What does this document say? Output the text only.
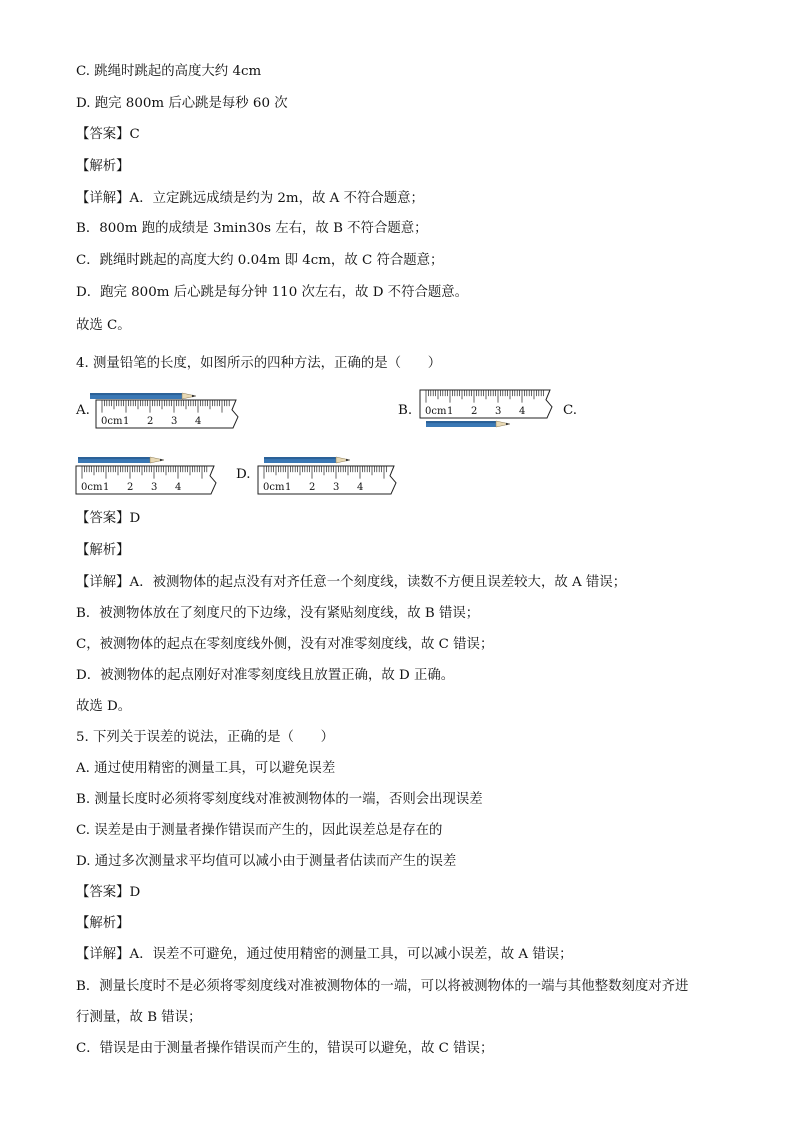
C. 跳绳时跳起的高度大约 4cm
D. 跑完 800m 后心跳是每秒 60 次
【答案】C
【解析】
【详解】A．立定跳远成绩是约为 2m，故 A 不符合题意；
B．800m 跑的成绩是 3min30s 左右，故 B 不符合题意；
C．跳绳时跳起的高度大约 0.04m 即 4cm，故 C 符合题意；
D．跑完 800m 后心跳是每分钟 110 次左右，故 D 不符合题意。
故选 C。
4. 测量铅笔的长度，如图所示的四种方法，正确的是（　　）
A.
0cm 1 2 3 4
B. 0cm 1 2 3 4	C.
0cm 1 2 3 4
D.
0cm 1 2 3 4
【答案】D
【解析】
【详解】A．被测物体的起点没有对齐任意一个刻度线，读数不方便且误差较大，故 A 错误；
B．被测物体放在了刻度尺的下边缘，没有紧贴刻度线，故 B 错误；
C，被测物体的起点在零刻度线外侧，没有对准零刻度线，故 C 错误；
D．被测物体的起点刚好对准零刻度线且放置正确，故 D 正确。
故选 D。
5. 下列关于误差的说法，正确的是（　　）
A. 通过使用精密的测量工具，可以避免误差
B. 测量长度时必须将零刻度线对准被测物体的一端，否则会出现误差
C. 误差是由于测量者操作错误而产生的，因此误差总是存在的
D. 通过多次测量求平均值可以减小由于测量者估读而产生的误差
【答案】D
【解析】
【详解】A．误差不可避免，通过使用精密的测量工具，可以减小误差，故 A 错误；
B．测量长度时不是必须将零刻度线对准被测物体的一端，可以将被测物体的一端与其他整数刻度对齐进
行测量，故 B 错误；
C．错误是由于测量者操作错误而产生的，错误可以避免，故 C 错误；
